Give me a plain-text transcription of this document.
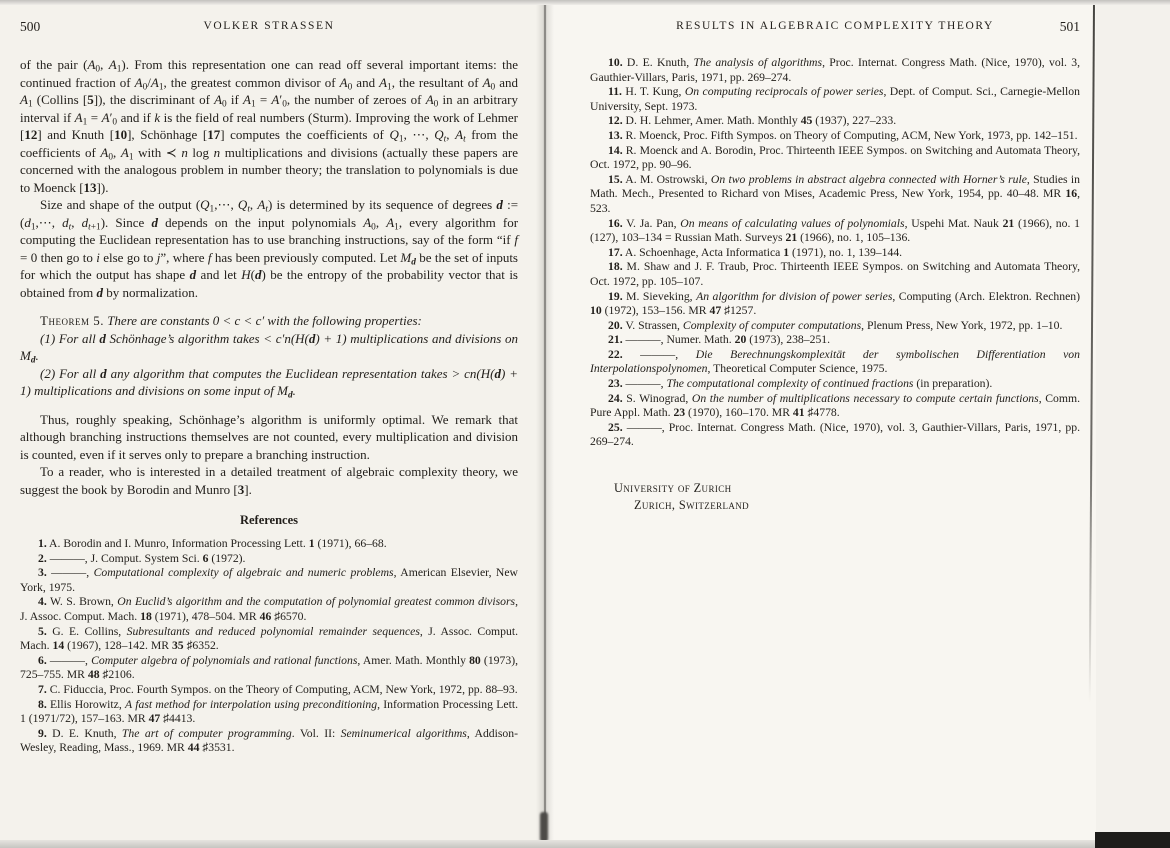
500	VOLKER STRASSEN

of the pair ($A_0$, $A_1$). From this representation one can read off several important items: the continued fraction of $A_0/A_1$, the greatest common divisor of $A_0$ and $A_1$, the resultant of $A_0$ and $A_1$ (Collins [5]), the discriminant of $A_0$ if $A_1 = A'_0$, the number of zeroes of $A_0$ in an arbitrary interval if $A_1 = A'_0$ and if k is the field of real numbers (Sturm). Improving the work of Lehmer [12] and Knuth [10], Schönhage [17] computes the coefficients of $Q_1$, ⋯, $Q_t$, $A_t$ from the coefficients of $A_0$, $A_1$ with ≺ n log n multiplications and divisions (actually these papers are concerned with the analogous problem in number theory; the translation to polynomials is due to Moenck [13]).

Size and shape of the output ($Q_1,\cdots$, $Q_t$, $A_t$) is determined by its sequence of degrees d := ($d_1,\cdots$, $d_t$, $d_{t+1}$). Since d depends on the input polynomials $A_0$, $A_1$, every algorithm for computing the Euclidean representation has to use branching instructions, say of the form “if f = 0 then go to i else go to j”, where f has been previously computed. Let $M_d$ be the set of inputs for which the output has shape d and let H(d) be the entropy of the probability vector that is obtained from d by normalization.

Theorem 5. There are constants 0 < c < c′ with the following properties:

(1) For all d Schönhage’s algorithm takes < c′n(H(d) + 1) multiplications and divisions on $M_d$.

(2) For all d any algorithm that computes the Euclidean representation takes > cn(H(d) + 1) multiplications and divisions on some input of $M_d$.

Thus, roughly speaking, Schönhage’s algorithm is uniformly optimal. We remark that although branching instructions themselves are not counted, every multiplication and division is counted, even if it serves only to prepare a branching instruction.

To a reader, who is interested in a detailed treatment of algebraic complexity theory, we suggest the book by Borodin and Munro [3].

References

1. A. Borodin and I. Munro, Information Processing Lett. 1 (1971), 66–68.

2. ———, J. Comput. System Sci. 6 (1972).

3. ———, Computational complexity of algebraic and numeric problems, American Elsevier, New York, 1975.

4. W. S. Brown, On Euclid’s algorithm and the computation of polynomial greatest common divisors, J. Assoc. Comput. Mach. 18 (1971), 478–504. MR 46 ♯6570.

5. G. E. Collins, Subresultants and reduced polynomial remainder sequences, J. Assoc. Comput. Mach. 14 (1967), 128–142. MR 35 ♯6352.

6. ———, Computer algebra of polynomials and rational functions, Amer. Math. Monthly 80 (1973), 725–755. MR 48 ♯2106.

7. C. Fiduccia, Proc. Fourth Sympos. on the Theory of Computing, ACM, New York, 1972, pp. 88–93.

8. Ellis Horowitz, A fast method for interpolation using preconditioning, Information Processing Lett. 1 (1971/72), 157–163. MR 47 ♯4413.

9. D. E. Knuth, The art of computer programming. Vol. II: Seminumerical algorithms, Addison-Wesley, Reading, Mass., 1969. MR 44 ♯3531.

RESULTS IN ALGEBRAIC COMPLEXITY THEORY	501

10. D. E. Knuth, The analysis of algorithms, Proc. Internat. Congress Math. (Nice, 1970), vol. 3, Gauthier-Villars, Paris, 1971, pp. 269–274.

11. H. T. Kung, On computing reciprocals of power series, Dept. of Comput. Sci., Carnegie-Mellon University, Sept. 1973.

12. D. H. Lehmer, Amer. Math. Monthly 45 (1937), 227–233.

13. R. Moenck, Proc. Fifth Sympos. on Theory of Computing, ACM, New York, 1973, pp. 142–151.

14. R. Moenck and A. Borodin, Proc. Thirteenth IEEE Sympos. on Switching and Automata Theory, Oct. 1972, pp. 90–96.

15. A. M. Ostrowski, On two problems in abstract algebra connected with Horner’s rule, Studies in Math. Mech., Presented to Richard von Mises, Academic Press, New York, 1954, pp. 40–48. MR 16, 523.

16. V. Ja. Pan, On means of calculating values of polynomials, Uspehi Mat. Nauk 21 (1966), no. 1 (127), 103–134 = Russian Math. Surveys 21 (1966), no. 1, 105–136.

17. A. Schoenhage, Acta Informatica 1 (1971), no. 1, 139–144.

18. M. Shaw and J. F. Traub, Proc. Thirteenth IEEE Sympos. on Switching and Automata Theory, Oct. 1972, pp. 105–107.

19. M. Sieveking, An algorithm for division of power series, Computing (Arch. Elektron. Rechnen) 10 (1972), 153–156. MR 47 ♯1257.

20. V. Strassen, Complexity of computer computations, Plenum Press, New York, 1972, pp. 1–10.

21. ———, Numer. Math. 20 (1973), 238–251.

22. ———, Die Berechnungskomplexität der symbolischen Differentiation von Interpolationspolynomen, Theoretical Computer Science, 1975.

23. ———, The computational complexity of continued fractions (in preparation).

24. S. Winograd, On the number of multiplications necessary to compute certain functions, Comm. Pure Appl. Math. 23 (1970), 160–170. MR 41 ♯4778.

25. ———, Proc. Internat. Congress Math. (Nice, 1970), vol. 3, Gauthier-Villars, Paris, 1971, pp. 269–274.

University of Zurich
Zurich, Switzerland
